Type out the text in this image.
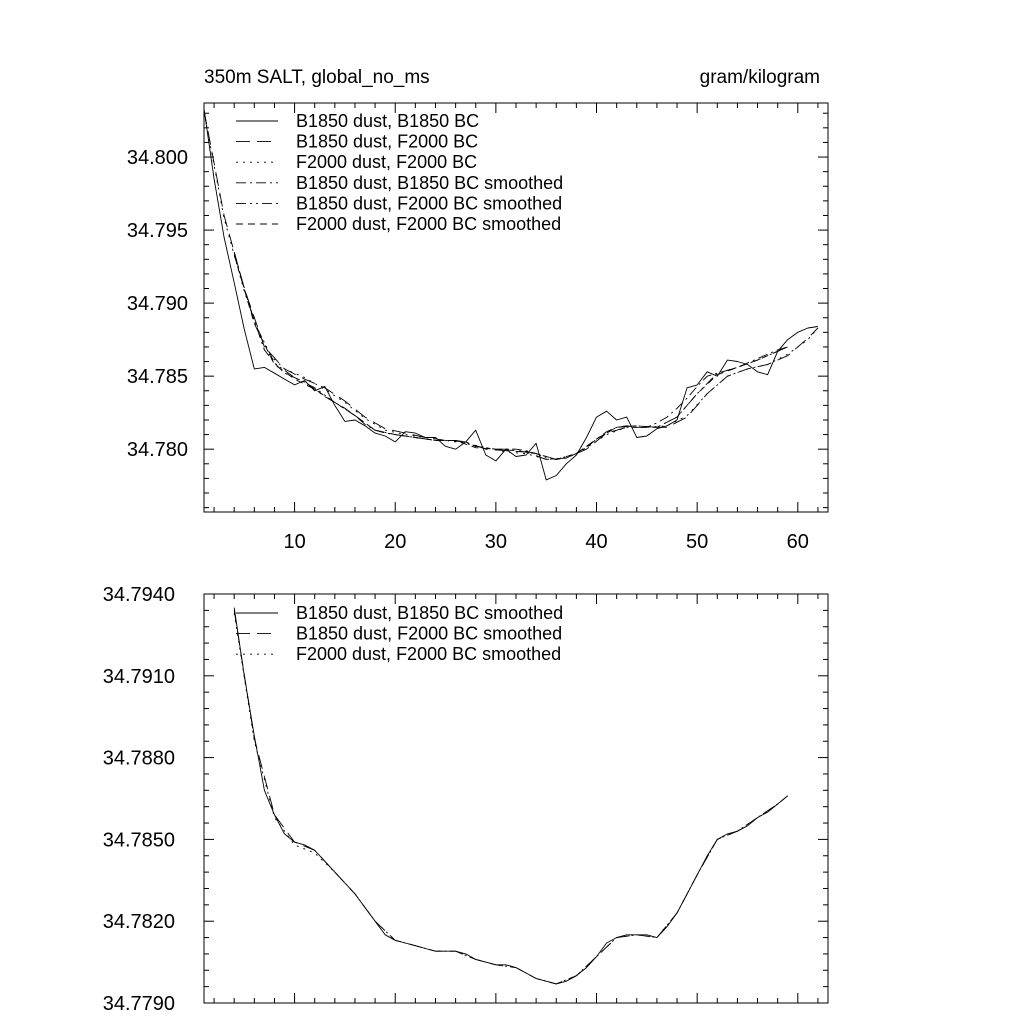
350m SALT, global_no_ms	gram/kilogram
10	20	30	40	50	60
34.780
34.785
34.790
34.795
34.800
B1850 dust, B1850 BC
B1850 dust, F2000 BC
F2000 dust, F2000 BC
B1850 dust, B1850 BC smoothed
B1850 dust, F2000 BC smoothed
F2000 dust, F2000 BC smoothed
34.7790
34.7820
34.7850
34.7880
34.7910
34.7940
B1850 dust, B1850 BC smoothed
B1850 dust, F2000 BC smoothed
F2000 dust, F2000 BC smoothed
